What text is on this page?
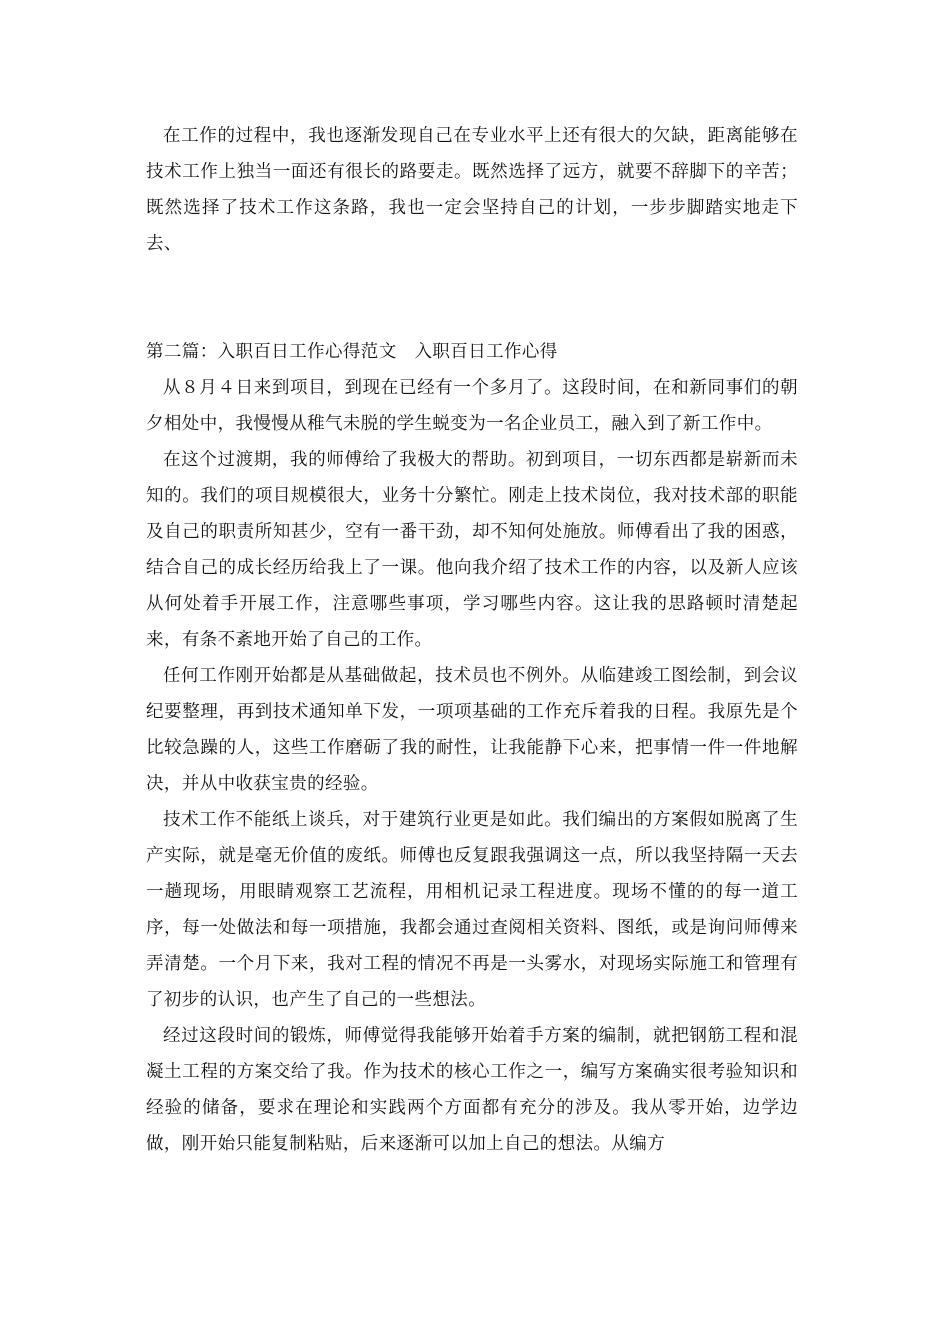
在工作的过程中，我也逐渐发现自己在专业水平上还有很大的欠缺，距离能够在技术工作上独当一面还有很长的路要走。既然选择了远方，就要不辞脚下的辛苦；既然选择了技术工作这条路，我也一定会坚持自己的计划，一步步脚踏实地走下去、

第二篇：入职百日工作心得范文　入职百日工作心得

从８月４日来到项目，到现在已经有一个多月了。这段时间，在和新同事们的朝夕相处中，我慢慢从稚气未脱的学生蜕变为一名企业员工，融入到了新工作中。

在这个过渡期，我的师傅给了我极大的帮助。初到项目，一切东西都是崭新而未知的。我们的项目规模很大，业务十分繁忙。刚走上技术岗位，我对技术部的职能及自己的职责所知甚少，空有一番干劲，却不知何处施放。师傅看出了我的困惑，结合自己的成长经历给我上了一课。他向我介绍了技术工作的内容，以及新人应该从何处着手开展工作，注意哪些事项，学习哪些内容。这让我的思路顿时清楚起来，有条不紊地开始了自己的工作。

任何工作刚开始都是从基础做起，技术员也不例外。从临建竣工图绘制，到会议纪要整理，再到技术通知单下发，一项项基础的工作充斥着我的日程。我原先是个比较急躁的人，这些工作磨砺了我的耐性，让我能静下心来，把事情一件一件地解决，并从中收获宝贵的经验。

技术工作不能纸上谈兵，对于建筑行业更是如此。我们编出的方案假如脱离了生产实际，就是毫无价值的废纸。师傅也反复跟我强调这一点，所以我坚持隔一天去一趟现场，用眼睛观察工艺流程，用相机记录工程进度。现场不懂的的每一道工序，每一处做法和每一项措施，我都会通过查阅相关资料、图纸，或是询问师傅来弄清楚。一个月下来，我对工程的情况不再是一头雾水，对现场实际施工和管理有了初步的认识，也产生了自己的一些想法。

经过这段时间的锻炼，师傅觉得我能够开始着手方案的编制，就把钢筋工程和混凝土工程的方案交给了我。作为技术的核心工作之一，编写方案确实很考验知识和经验的储备，要求在理论和实践两个方面都有充分的涉及。我从零开始，边学边做，刚开始只能复制粘贴，后来逐渐可以加上自己的想法。从编方
